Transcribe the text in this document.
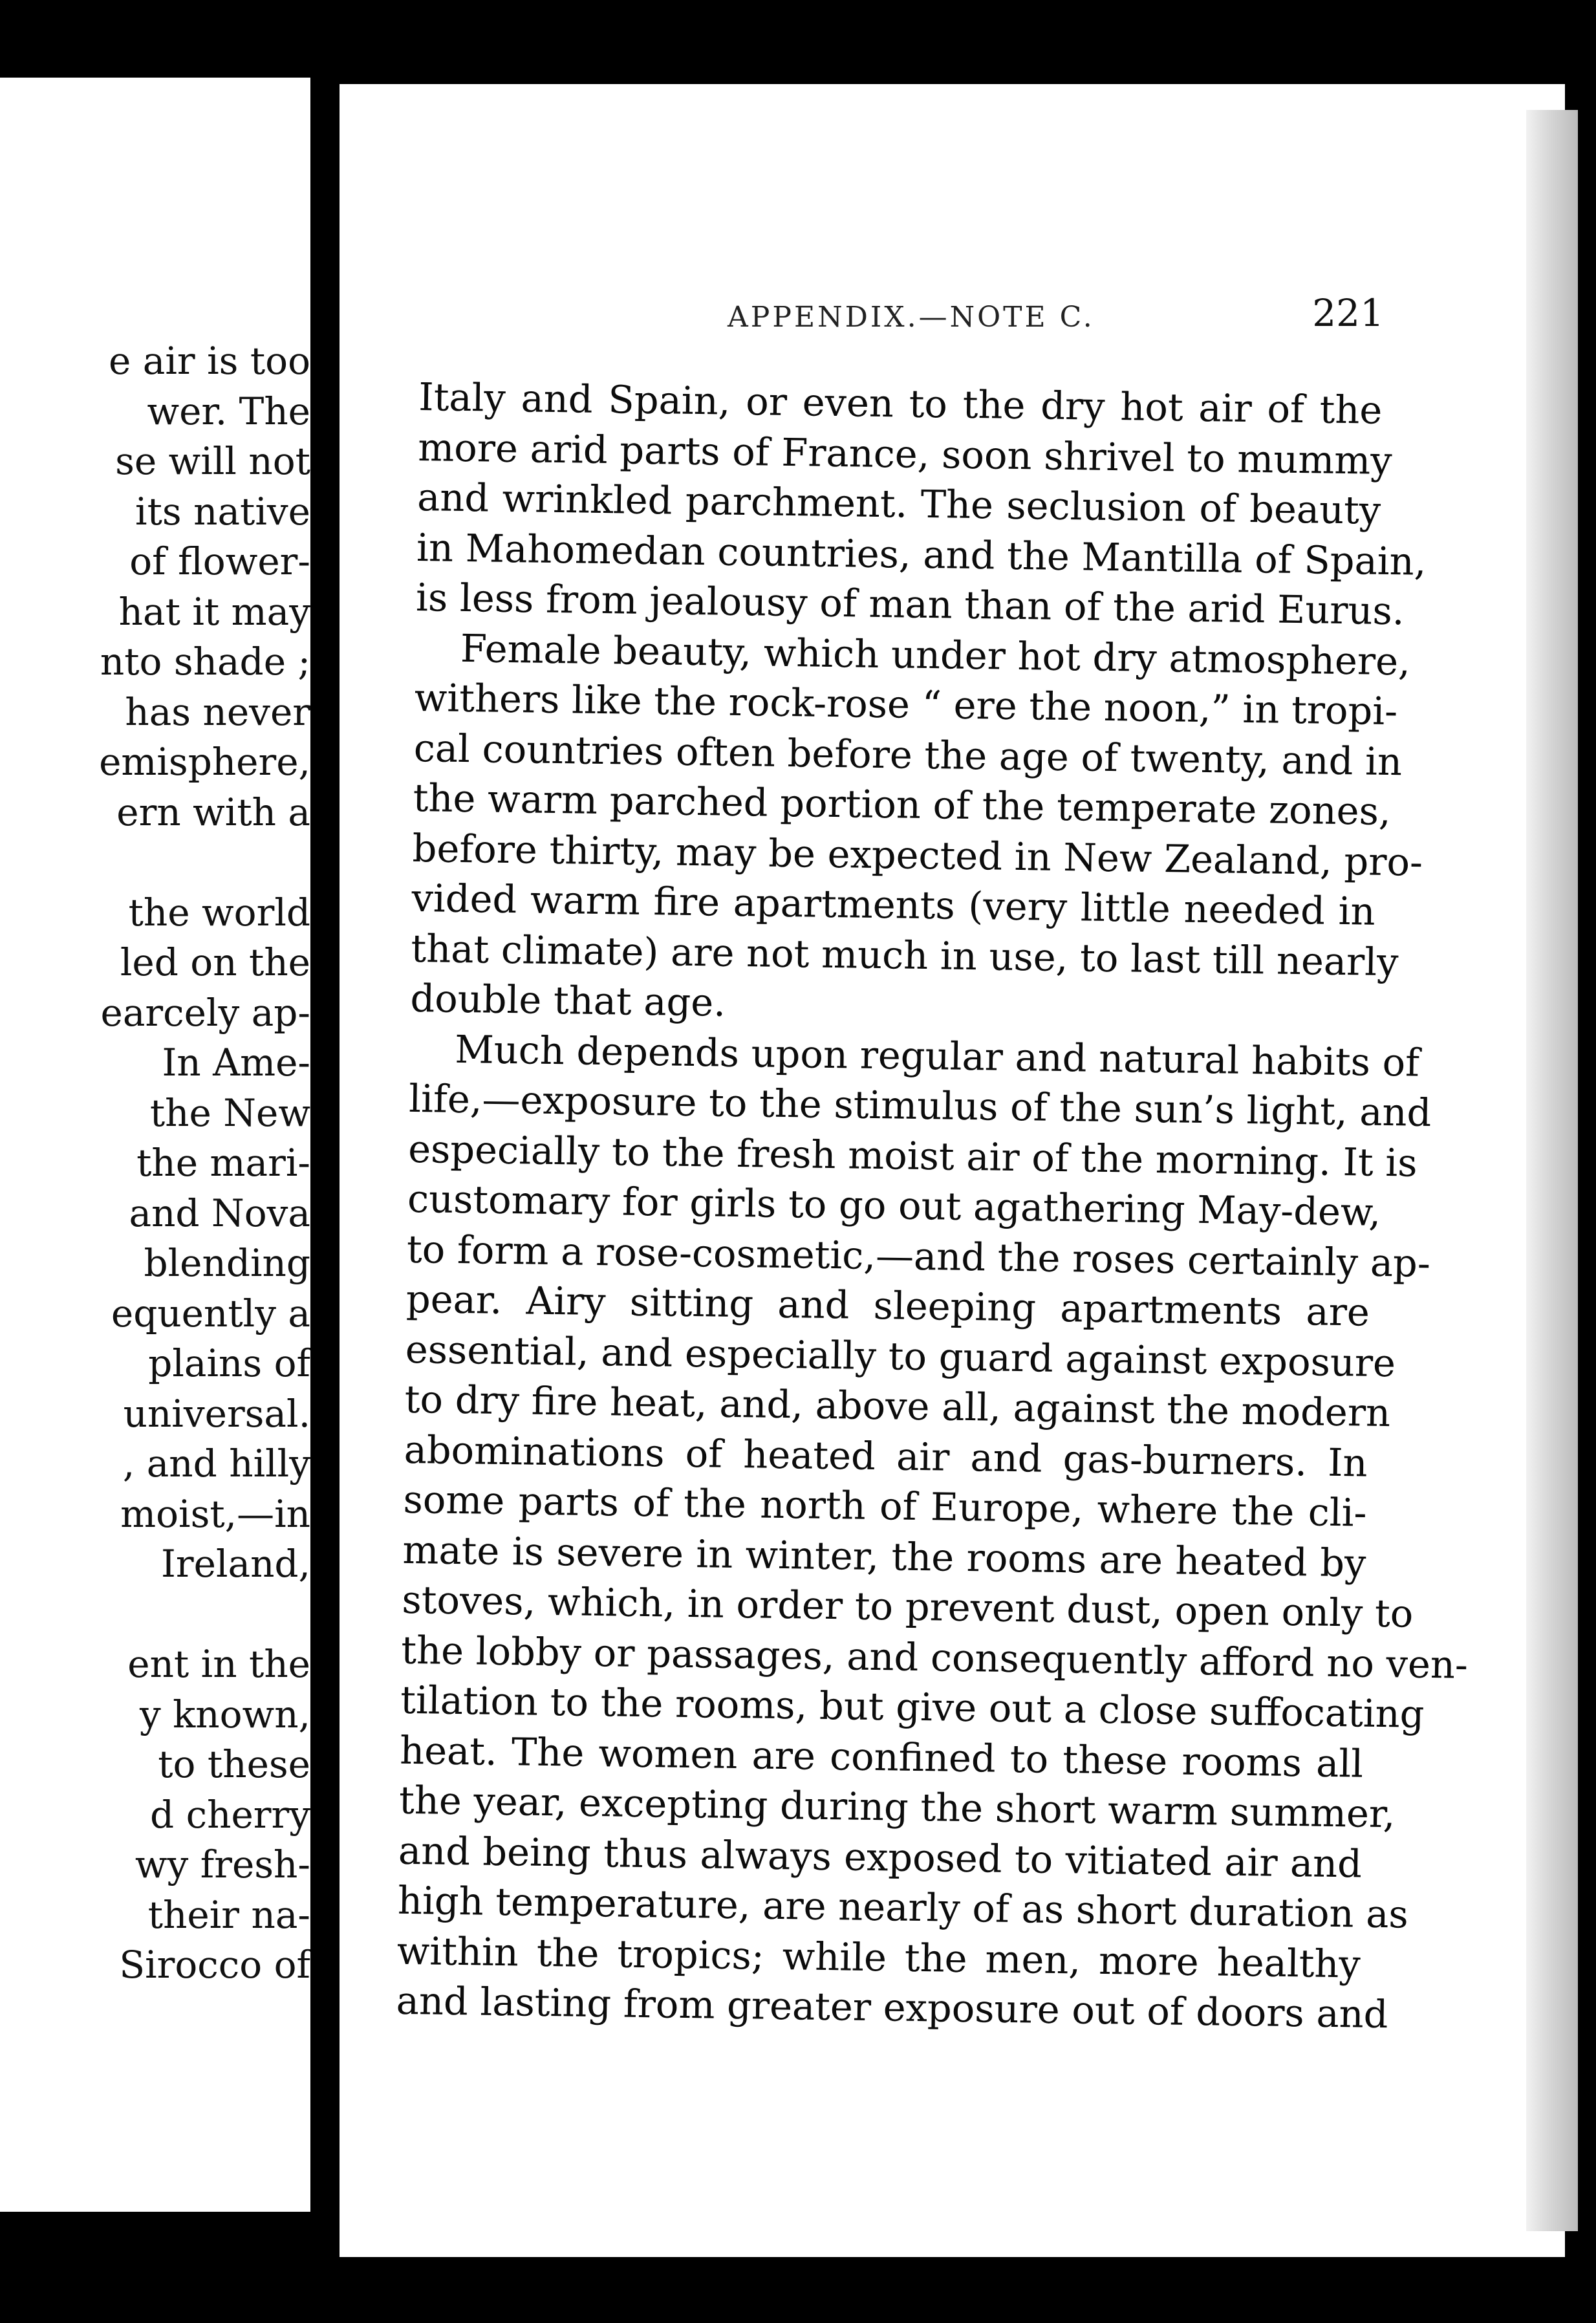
e air is too
wer. The
se will not
its native
of flower-
hat it may
nto shade ;
has never
emisphere,
ern with a
the world
led on the
earcely ap-
In Ame-
the New
the mari-
and Nova
blending
equently a
plains of
universal.
, and hilly
moist,—in
Ireland,
ent in the
y known,
to these
d cherry
wy fresh-
their na-
Sirocco of
APPENDIX.—NOTE C.	221
Italy and Spain, or even to the dry hot air of the
more arid parts of France, soon shrivel to mummy
and wrinkled parchment. The seclusion of beauty
in Mahomedan countries, and the Mantilla of Spain,
is less from jealousy of man than of the arid Eurus.
Female beauty, which under hot dry atmosphere,
withers like the rock-rose “ ere the noon,” in tropi-
cal countries often before the age of twenty, and in
the warm parched portion of the temperate zones,
before thirty, may be expected in New Zealand, pro-
vided warm fire apartments (very little needed in
that climate) are not much in use, to last till nearly
double that age.
Much depends upon regular and natural habits of
life,—exposure to the stimulus of the sun’s light, and
especially to the fresh moist air of the morning. It is
customary for girls to go out agathering May-dew,
to form a rose-cosmetic,—and the roses certainly ap-
pear. Airy sitting and sleeping apartments are
essential, and especially to guard against exposure
to dry fire heat, and, above all, against the modern
abominations of heated air and gas-burners. In
some parts of the north of Europe, where the cli-
mate is severe in winter, the rooms are heated by
stoves, which, in order to prevent dust, open only to
the lobby or passages, and consequently afford no ven-
tilation to the rooms, but give out a close suffocating
heat. The women are confined to these rooms all
the year, excepting during the short warm summer,
and being thus always exposed to vitiated air and
high temperature, are nearly of as short duration as
within the tropics; while the men, more healthy
and lasting from greater exposure out of doors and
